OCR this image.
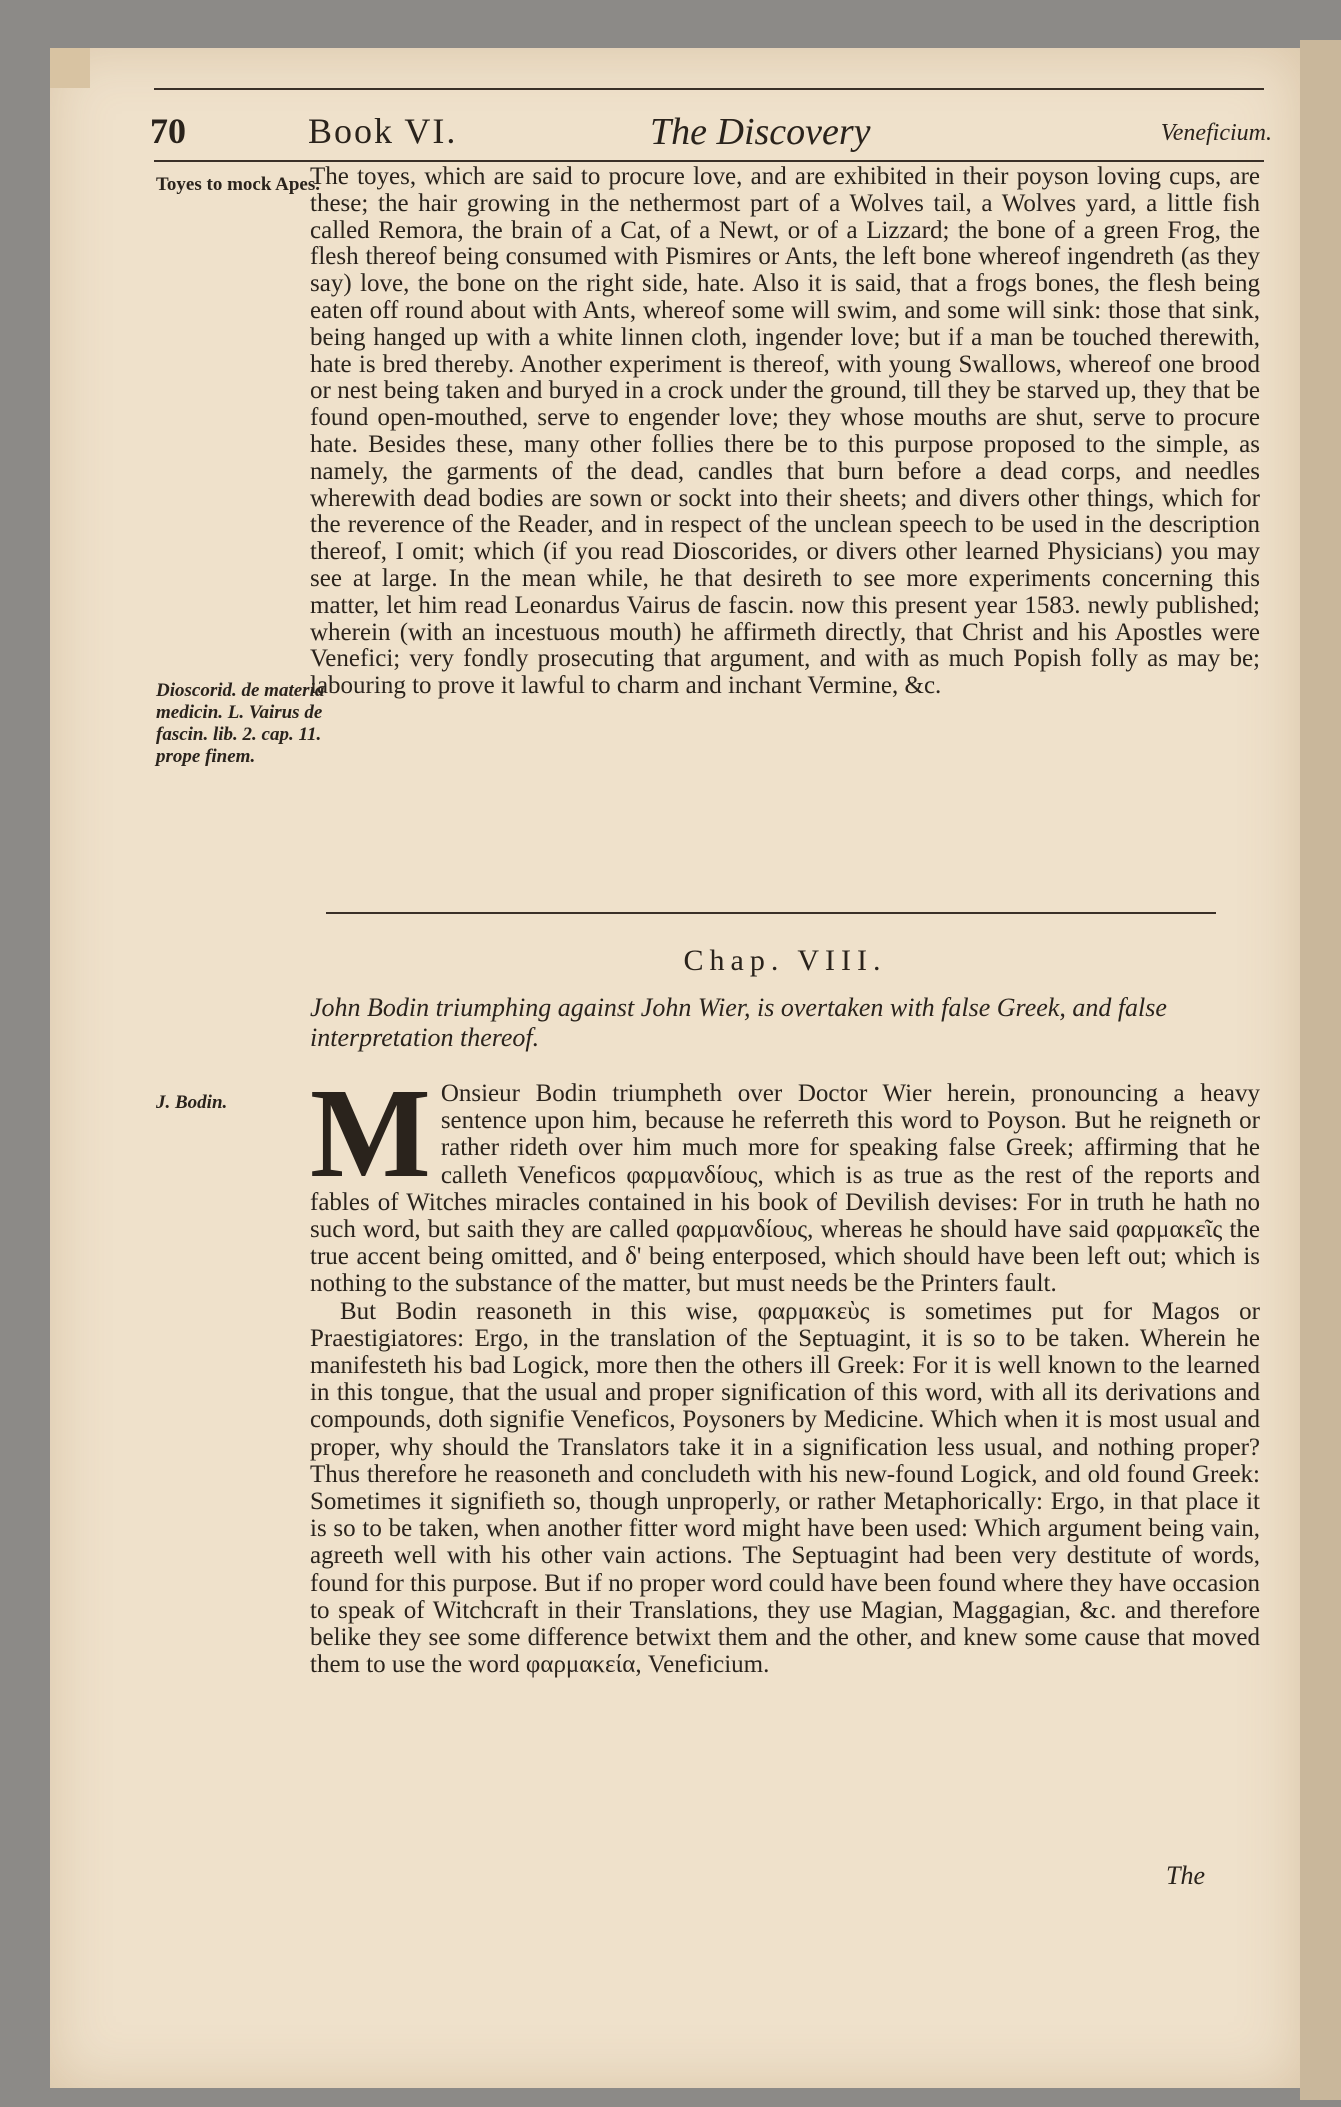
70	Book VI.	The Discovery	Veneficium.
Toyes to mock Apes.

The toyes, which are said to procure love, and are exhibited in their poyson loving cups, are these; the hair growing in the nethermost part of a Wolves tail, a Wolves yard, a little fish called Remora, the brain of a Cat, of a Newt, or of a Lizzard; the bone of a green Frog, the flesh thereof being consumed with Pismires or Ants, the left bone whereof ingendreth (as they say) love, the bone on the right side, hate. Also it is said, that a frogs bones, the flesh being eaten off round about with Ants, whereof some will swim, and some will sink: those that sink, being hanged up with a white linnen cloth, ingender love; but if a man be touched therewith, hate is bred thereby. Another experiment is thereof, with young Swallows, whereof one brood or nest being taken and buryed in a crock under the ground, till they be starved up, they that be found open-mouthed, serve to engender love; they whose mouths are shut, serve to procure hate. Besides these, many other follies there be to this purpose proposed to the simple, as namely, the garments of the dead, candles that burn before a dead corps, and needles wherewith dead bodies are sown or sockt into their sheets; and divers other things, which for the reverence of the Reader, and in respect of the unclean speech to be used in the description thereof, I omit; which (if you read Dioscorides, or divers other learned Physicians) you may see at large. In the mean while, he that desireth to see more experiments concerning this matter, let him read Leonardus Vairus de fascin. now this present year 1583. newly published; wherein (with an incestuous mouth) he affirmeth directly, that Christ and his Apostles were Venefici; very fondly prosecuting that argument, and with as much Popish folly as may be; labouring to prove it lawful to charm and inchant Vermine, &c.

Dioscorid. de materia medicin. L. Vairus de fascin. lib. 2. cap. 11. prope finem.
Chap. VIII.
John Bodin triumphing against John Wier, is overtaken with false Greek, and false interpretation thereof.
J. Bodin. M Onsieur Bodin triumpheth over Doctor Wier herein, pronouncing a heavy sentence upon him, because he referreth this word to Poyson. But he reigneth or rather rideth over him much more for speaking false Greek; affirming that he calleth Veneficos φαρμανδίους, which is as true as the rest of the reports and fables of Witches miracles contained in his book of Devilish devises: For in truth he hath no such word, but saith they are called φαρμανδίους, whereas he should have said φαρμακεῖς the true accent being omitted, and δ' being enterposed, which should have been left out; which is nothing to the substance of the matter, but must needs be the Printers fault.
But Bodin reasoneth in this wise, φαρμακεὺς is sometimes put for Magos or Praestigiatores: Ergo, in the translation of the Septuagint, it is so to be taken. Wherein he manifesteth his bad Logick, more then the others ill Greek: For it is well known to the learned in this tongue, that the usual and proper signification of this word, with all its derivations and compounds, doth signifie Veneficos, Poysoners by Medicine. Which when it is most usual and proper, why should the Translators take it in a signification less usual, and nothing proper? Thus therefore he reasoneth and concludeth with his new-found Logick, and old found Greek: Sometimes it signifieth so, though unproperly, or rather Metaphorically: Ergo, in that place it is so to be taken, when another fitter word might have been used: Which argument being vain, agreeth well with his other vain actions. The Septuagint had been very destitute of words, found for this purpose. But if no proper word could have been found where they have occasion to speak of Witchcraft in their Translations, they use Magian, Maggagian, &c. and therefore belike they see some difference betwixt them and the other, and knew some cause that moved them to use the word φαρμακεία, Veneficium.
The
